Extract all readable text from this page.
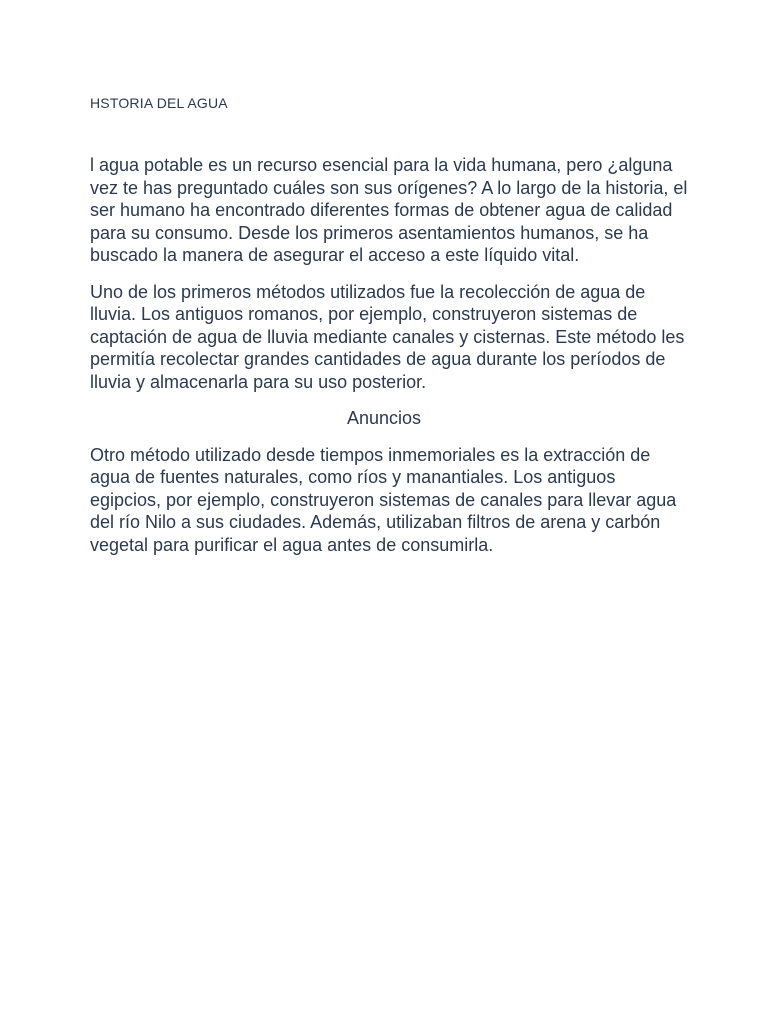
HSTORIA DEL AGUA

l agua potable es un recurso esencial para la vida humana, pero ¿alguna vez te has preguntado cuáles son sus orígenes? A lo largo de la historia, el ser humano ha encontrado diferentes formas de obtener agua de calidad para su consumo. Desde los primeros asentamientos humanos, se ha buscado la manera de asegurar el acceso a este líquido vital.

Uno de los primeros métodos utilizados fue la recolección de agua de lluvia. Los antiguos romanos, por ejemplo, construyeron sistemas de captación de agua de lluvia mediante canales y cisternas. Este método les permitía recolectar grandes cantidades de agua durante los períodos de lluvia y almacenarla para su uso posterior.

Anuncios

Otro método utilizado desde tiempos inmemoriales es la extracción de agua de fuentes naturales, como ríos y manantiales. Los antiguos egipcios, por ejemplo, construyeron sistemas de canales para llevar agua del río Nilo a sus ciudades. Además, utilizaban filtros de arena y carbón vegetal para purificar el agua antes de consumirla.
